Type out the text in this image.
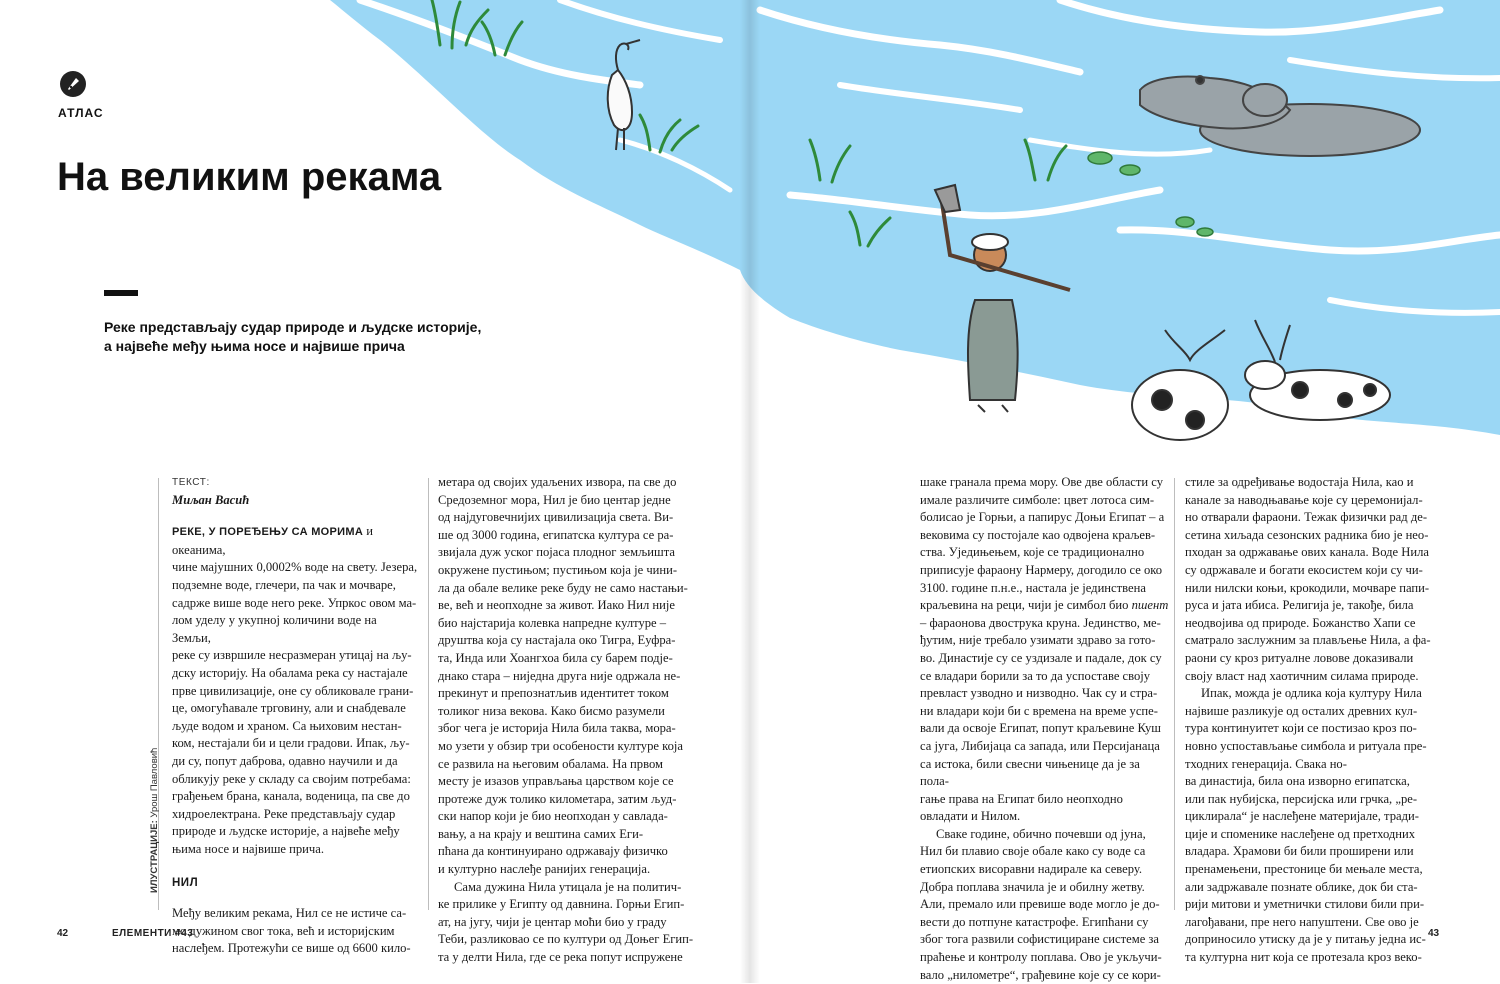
АТЛАС
На великим рекама

Реке представљају судар природе и људске историје,

а највеће међу њима носе и највише прича

ИЛУСТРАЦИЈЕ: Урош Павловић

ТЕКСТ:

Миљан Васић

РЕКЕ, У ПОРЕЂЕЊУ СА МОРИМА и океанима,
чине мајушних 0,0002% воде на свету. Језера,
подземне воде, глечери, па чак и мочваре,
садрже више воде него реке. Упркос овом ма-
лом уделу у укупној количини воде на Земљи,
реке су извршиле несразмеран утицај на љу-
дску историју. На обалама река су настајале
прве цивилизације, оне су обликовале грани-
це, омогућавале трговину, али и снабдевале
људе водом и храном. Са њиховим нестан-
ком, нестајали би и цели градови. Ипак, љу-
ди су, попут даброва, одавно научили и да
обликују реке у складу са својим потребама:
грађењем брана, канала, воденица, па све до
хидроелектрана. Реке представљају судар
природе и људске историје, а највеће међу
њима носе и највише прича.

НИЛ

Међу великим рекама, Нил се не истиче са-
мо дужином свог тока, већ и историјским
наслеђем. Протежући се више од 6600 кило-

метара од својих удаљених извора, па све до
Средоземног мора, Нил је био центар једне
од најдуговечнијих цивилизација света. Ви-
ше од 3000 година, египатска култура се ра-
звијала дуж уског појаса плодног земљишта
окружене пустињом; пустињом која је чини-
ла да обале велике реке буду не само настањи-
ве, већ и неопходне за живот. Иако Нил није
био најстарија колевка напредне културе –
друштва која су настајала око Тигра, Еуфра-
та, Инда или Хоангхоа била су барем подјe-
днако стара – ниједна друга није одржала не-
прекинут и препознатљив идентитет током
толиког низа векова. Како бисмо разумели
због чега је историја Нила била таква, мора-
мо узети у обзир три особености културе која
се развила на његовим обалама. На првом
месту је изазов управљања царством које се
протеже дуж толико километара, затим људ-
ски напор који је био неопходан у савлада-
вању, а на крају и вештина самих Еги-
пћана да континуирано одржавају физичко
и културно наслеђе ранијих генерација.

Сама дужина Нила утицала је на политич-
ке прилике у Египту од давнина. Горњи Егип-
ат, на југу, чији је центар моћи био у граду
Теби, разликовао се по култури од Доњег Егип-
та у делти Нила, где се река попут испружене

шаке гранала према мору. Ове две области су
имале различите симболе: цвет лотоса сим-
болисао је Горњи, а папирус Доњи Египат – а
вековима су постојале као одвојена краљев-
ства. Уједињењем, које се традиционално
приписује фараону Нармеру, догодило се око
3100. године п.н.е., настала је јединствена
краљевина на реци, чији је симбол био пшент
– фараонова двострука круна. Јединство, ме-
ђутим, није требало узимати здраво за гото-
во. Династије су се уздизале и падале, док су
се владари борили за то да успоставе своју
превласт узводно и низводно. Чак су и стра-
ни владари који би с времена на време успе-
вали да освоје Египат, попут краљевине Куш
са југа, Либијаца са запада, или Персијанаца
са истока, били свесни чињенице да је за пола-
гање права на Египат било неопходно
овладати и Нилом.

Сваке године, обично почевши од јуна,
Нил би плавио своје обале како су воде са
етиопских висоравни надирале ка северу.
Добра поплава значила је и обилну жетву.
Али, премало или превише воде могло је до-
вести до потпуне катастрофе. Египћани су
због тога развили софистициране системе за
праћење и контролу поплава. Ово је укључи-
вало „нилометре“, грађевине које су се кори-

стиле за одређивање водостаја Нила, као и
канале за наводњавање које су церемонијал-
но отварали фараони. Тежак физички рад де-
сетина хиљада сезонских радника био је нео-
пходан за одржавање ових канала. Воде Нила
су одржавале и богати екосистем који су чи-
нили нилски коњи, крокодили, мочваре папи-
руса и јата ибиса. Религија је, такође, била
неодвојива од природе. Божанство Хапи се
сматрало заслужним за плављење Нила, а фа-
раони су кроз ритуалне ловове доказивали
своју власт над хаотичним силама природе.

Ипак, можда је одлика која културу Нила
највише разликује од осталих древних кул-
тура континуитет који се постизао кроз по-
новно успостављање симбола и ритуала пре-
тходних генерација. Свака но-
ва династија, била она изворно египатска,
или пак нубијска, персијска или грчка, „ре-
циклирала“ је наслеђене материјале, тради-
ције и споменике наслеђене од претходних
владара. Храмови би били проширени или
пренамењени, престонице би мењале места,
али задржавале познате облике, док би ста-
рији митови и уметнички стилови били при-
лагођавани, пре него напуштени. Све ово је
доприносило утиску да је у питању једна ис-
та културна нит која се протезала кроз веко-

42	ЕЛЕМЕНТИ #43	43
